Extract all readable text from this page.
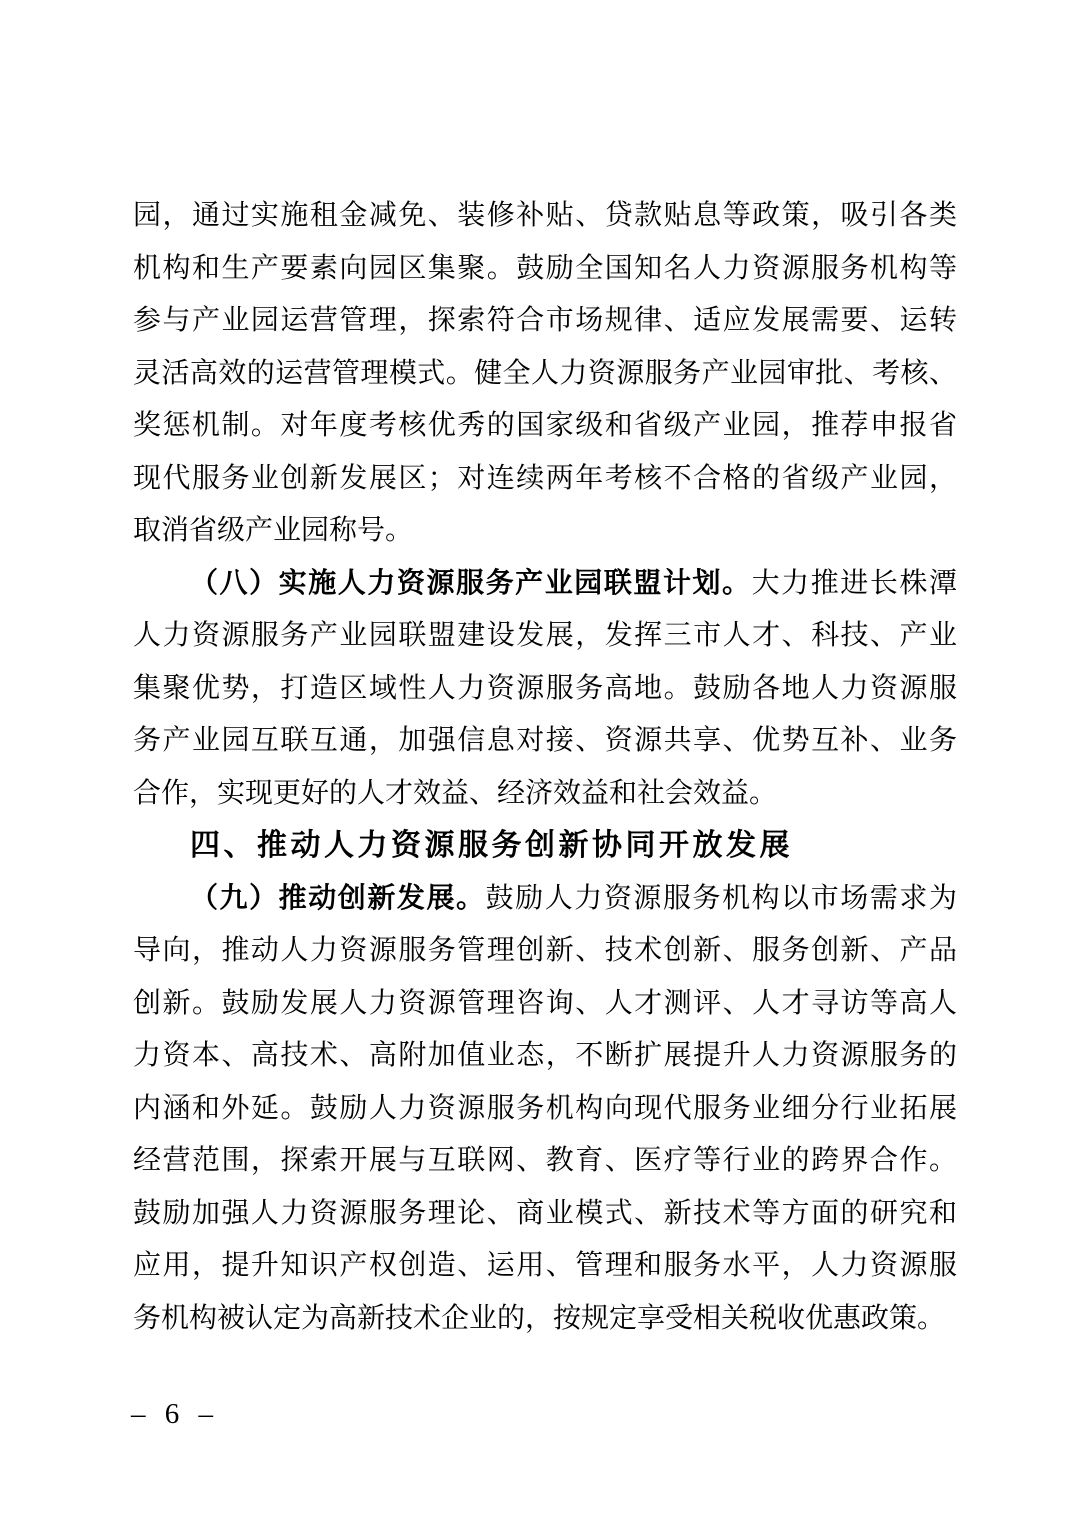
园，通过实施租金减免、装修补贴、贷款贴息等政策，吸引各类

机构和生产要素向园区集聚。鼓励全国知名人力资源服务机构等

参与产业园运营管理，探索符合市场规律、适应发展需要、运转

灵活高效的运营管理模式。健全人力资源服务产业园审批、考核、

奖惩机制。对年度考核优秀的国家级和省级产业园，推荐申报省

现代服务业创新发展区；对连续两年考核不合格的省级产业园，

取消省级产业园称号。

（八）实施人力资源服务产业园联盟计划。大力推进长株潭

人力资源服务产业园联盟建设发展，发挥三市人才、科技、产业

集聚优势，打造区域性人力资源服务高地。鼓励各地人力资源服

务产业园互联互通，加强信息对接、资源共享、优势互补、业务

合作，实现更好的人才效益、经济效益和社会效益。

四、推动人力资源服务创新协同开放发展

（九）推动创新发展。鼓励人力资源服务机构以市场需求为

导向，推动人力资源服务管理创新、技术创新、服务创新、产品

创新。鼓励发展人力资源管理咨询、人才测评、人才寻访等高人

力资本、高技术、高附加值业态，不断扩展提升人力资源服务的

内涵和外延。鼓励人力资源服务机构向现代服务业细分行业拓展

经营范围，探索开展与互联网、教育、医疗等行业的跨界合作。

鼓励加强人力资源服务理论、商业模式、新技术等方面的研究和

应用，提升知识产权创造、运用、管理和服务水平，人力资源服

务机构被认定为高新技术企业的，按规定享受相关税收优惠政策。

– 6 –
